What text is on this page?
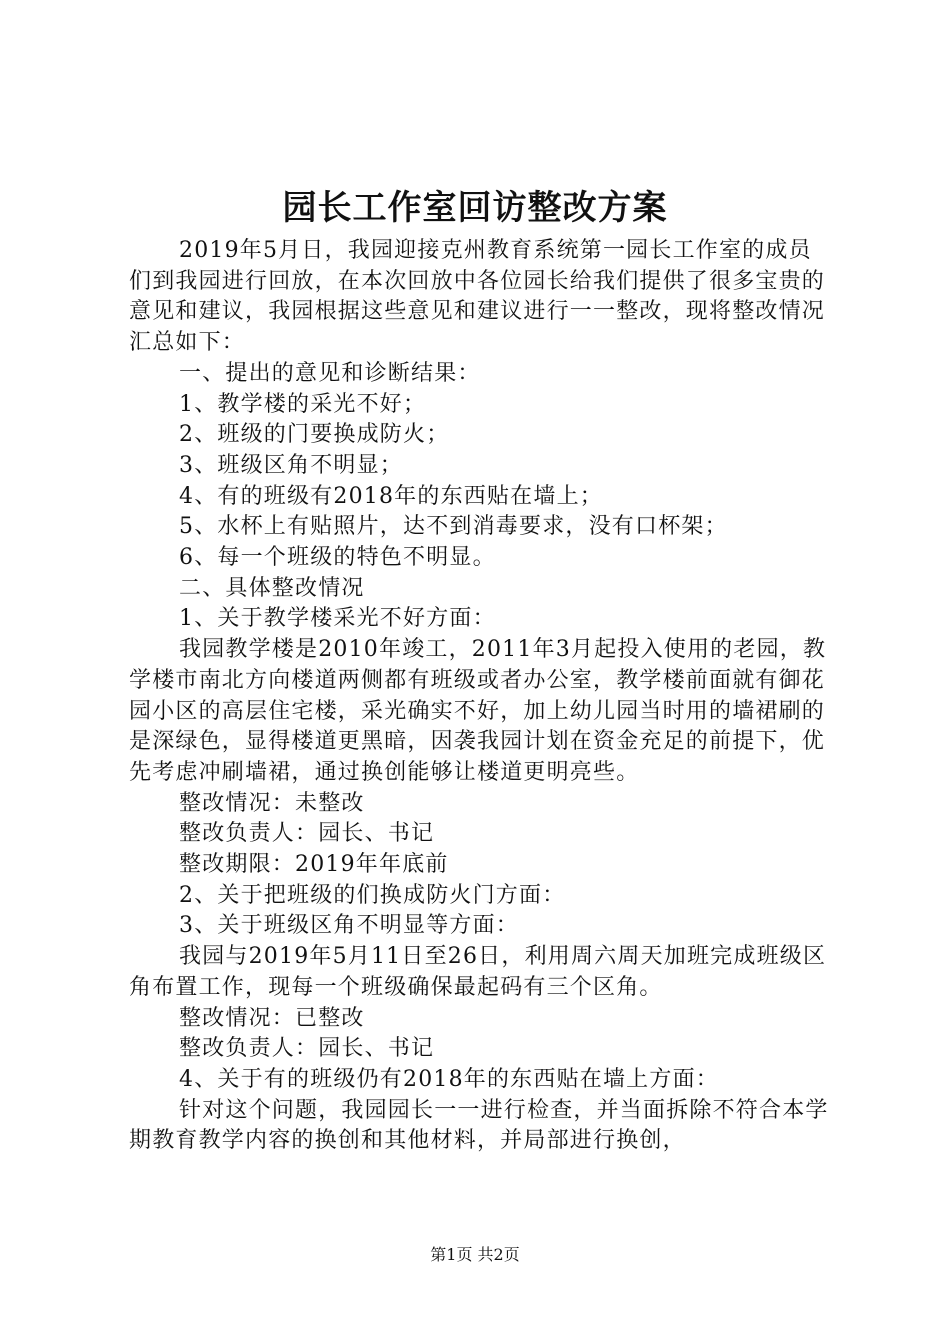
园长工作室回访整改方案

2019年5月日，我园迎接克州教育系统第一园长工作室的成员们到我园进行回放，在本次回放中各位园长给我们提供了很多宝贵的意见和建议，我园根据这些意见和建议进行一一整改，现将整改情况汇总如下：

一、提出的意见和诊断结果：

1、教学楼的采光不好；

2、班级的门要换成防火；

3、班级区角不明显；

4、有的班级有2018年的东西贴在墙上；

5、水杯上有贴照片，达不到消毒要求，没有口杯架；

6、每一个班级的特色不明显。

二、具体整改情况

1、关于教学楼采光不好方面：

我园教学楼是2010年竣工，2011年3月起投入使用的老园，教学楼市南北方向楼道两侧都有班级或者办公室，教学楼前面就有御花园小区的高层住宅楼，采光确实不好，加上幼儿园当时用的墙裙刷的是深绿色，显得楼道更黑暗，因袭我园计划在资金充足的前提下，优先考虑冲刷墙裙，通过换创能够让楼道更明亮些。

整改情况：未整改

整改负责人：园长、书记

整改期限：2019年年底前

2、关于把班级的们换成防火门方面：

3、关于班级区角不明显等方面：

我园与2019年5月11日至26日，利用周六周天加班完成班级区角布置工作，现每一个班级确保最起码有三个区角。

整改情况：已整改

整改负责人：园长、书记

4、关于有的班级仍有2018年的东西贴在墙上方面：

针对这个问题，我园园长一一进行检查，并当面拆除不符合本学期教育教学内容的换创和其他材料，并局部进行换创，

第1页 共2页
